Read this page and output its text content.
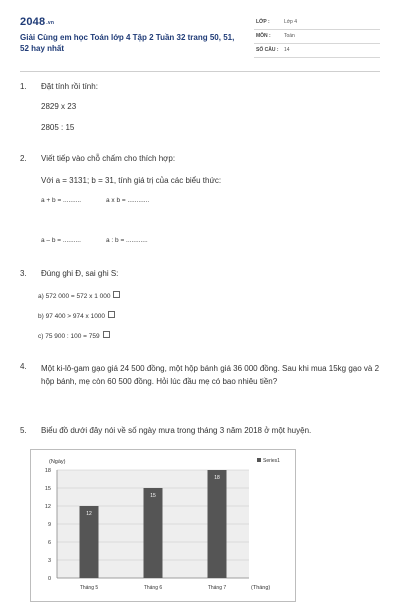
2048.vn
Giải Cùng em học Toán lớp 4 Tập 2 Tuần 32 trang 50, 51, 52 hay nhất
LỚP :	Lớp 4
MÔN :	Toán
SỐ CÂU : 14
1.	Đặt tính rồi tính:
2829 x 23
2805 : 15
2.	Viết tiếp vào chỗ chấm cho thích hợp:
Với a = 3131; b = 31, tính giá trị của các biểu thức:
a + b = ..........	a x b = ............
a – b = ..........	a : b = ............
3.	Đúng ghi Đ, sai ghi S:
a) 572 000 = 572 x 1 000
b) 97 400 > 974 x 1000
c) 75 900 : 100 = 759
4.	Một ki-lô-gam gạo giá 24 500 đồng, một hộp bánh giá 36 000 đồng. Sau khi mua 15kg gạo và 2 hộp bánh, mẹ còn 60 500 đồng. Hỏi lúc đầu mẹ có bao nhiêu tiền?
5.	Biểu đồ dưới đây nói về số ngày mưa trong tháng 3 năm 2018 ở một huyện.
0
3
6
9
12
15
18
(Ngày)
12
Tháng 5
15
Tháng 6
18
Tháng 7	(Tháng)
Series1
